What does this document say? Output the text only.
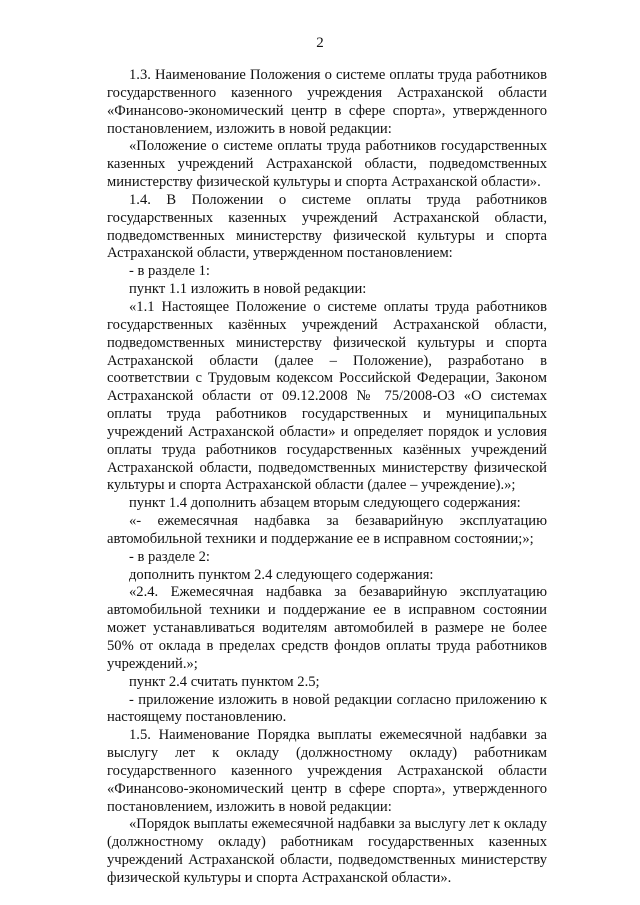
2

1.3. Наименование Положения о системе оплаты труда работников государственного казенного учреждения Астраханской области «Финансово-экономический центр в сфере спорта», утвержденного постановлением, изложить в новой редакции:

«Положение о системе оплаты труда работников государственных казенных учреждений Астраханской области, подведомственных министерству физической культуры и спорта Астраханской области».

1.4. В Положении о системе оплаты труда работников государственных казенных учреждений Астраханской области, подведомственных министерству физической культуры и спорта Астраханской области, утвержденном постановлением:

- в разделе 1:

пункт 1.1 изложить в новой редакции:

«1.1 Настоящее Положение о системе оплаты труда работников государственных казённых учреждений Астраханской области, подведомственных министерству физической культуры и спорта Астраханской области (далее – Положение), разработано в соответствии с Трудовым кодексом Российской Федерации, Законом Астраханской области от 09.12.2008 № 75/2008-ОЗ «О системах оплаты труда работников государственных и муниципальных учреждений Астраханской области» и определяет порядок и условия оплаты труда работников государственных казённых учреждений Астраханской области, подведомственных министерству физической культуры и спорта Астраханской области (далее – учреждение).»;

пункт 1.4 дополнить абзацем вторым следующего содержания:

«- ежемесячная надбавка за безаварийную эксплуатацию автомобильной техники и поддержание ее в исправном состоянии;»;

- в разделе 2:

дополнить пунктом 2.4 следующего содержания:

«2.4. Ежемесячная надбавка за безаварийную эксплуатацию автомобильной техники и поддержание ее в исправном состоянии может устанавливаться водителям автомобилей в размере не более 50% от оклада в пределах средств фондов оплаты труда работников учреждений.»;

пункт 2.4 считать пунктом 2.5;

- приложение изложить в новой редакции согласно приложению к настоящему постановлению.

1.5. Наименование Порядка выплаты ежемесячной надбавки за выслугу лет к окладу (должностному окладу) работникам государственного казенного учреждения Астраханской области «Финансово-экономический центр в сфере спорта», утвержденного постановлением, изложить в новой редакции:

«Порядок выплаты ежемесячной надбавки за выслугу лет к окладу (должностному окладу) работникам государственных казенных учреждений Астраханской области, подведомственных министерству физической культуры и спорта Астраханской области».
